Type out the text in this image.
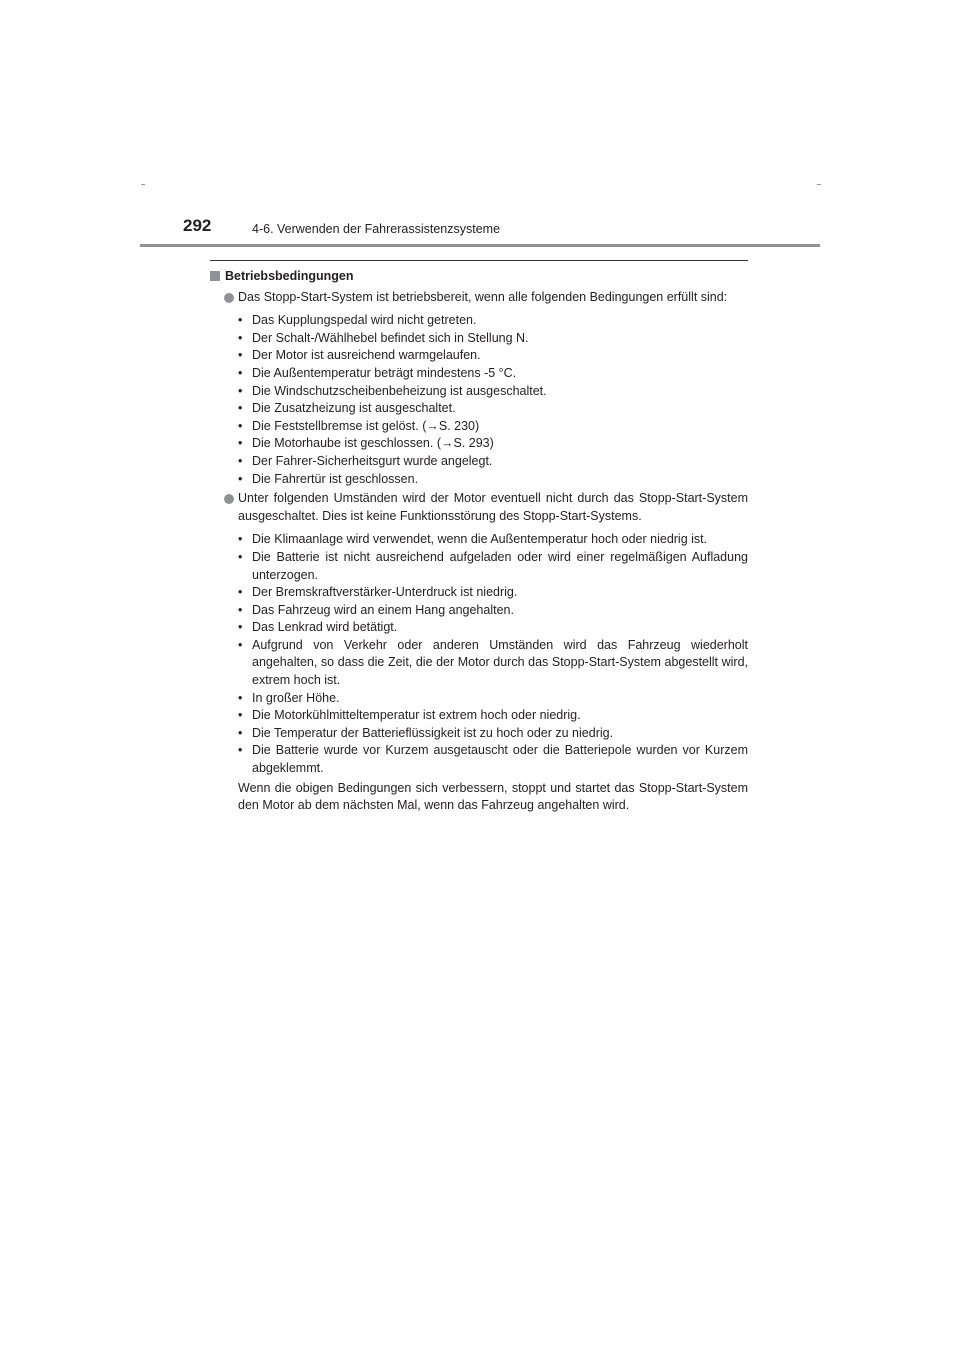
292	4-6. Verwenden der Fahrerassistenzsysteme
Betriebsbedingungen
Das Stopp-Start-System ist betriebsbereit, wenn alle folgenden Bedingungen erfüllt sind:
• Das Kupplungspedal wird nicht getreten.
• Der Schalt-/Wählhebel befindet sich in Stellung N.
• Der Motor ist ausreichend warmgelaufen.
• Die Außentemperatur beträgt mindestens -5 °C.
• Die Windschutzscheibenbeheizung ist ausgeschaltet.
• Die Zusatzheizung ist ausgeschaltet.
• Die Feststellbremse ist gelöst. (→S. 230)
• Die Motorhaube ist geschlossen. (→S. 293)
• Der Fahrer-Sicherheitsgurt wurde angelegt.
• Die Fahrertür ist geschlossen.
Unter folgenden Umständen wird der Motor eventuell nicht durch das Stopp-Start-System ausgeschaltet. Dies ist keine Funktionsstörung des Stopp-Start-Systems.
• Die Klimaanlage wird verwendet, wenn die Außentemperatur hoch oder niedrig ist.
• Die Batterie ist nicht ausreichend aufgeladen oder wird einer regelmäßigen Aufladung unterzogen.
• Der Bremskraftverstärker-Unterdruck ist niedrig.
• Das Fahrzeug wird an einem Hang angehalten.
• Das Lenkrad wird betätigt.
• Aufgrund von Verkehr oder anderen Umständen wird das Fahrzeug wiederholt angehalten, so dass die Zeit, die der Motor durch das Stopp-Start-System abgestellt wird, extrem hoch ist.
• In großer Höhe.
• Die Motorkühlmitteltemperatur ist extrem hoch oder niedrig.
• Die Temperatur der Batterieflüssigkeit ist zu hoch oder zu niedrig.
• Die Batterie wurde vor Kurzem ausgetauscht oder die Batteriepole wurden vor Kurzem abgeklemmt.
Wenn die obigen Bedingungen sich verbessern, stoppt und startet das Stopp-Start-System den Motor ab dem nächsten Mal, wenn das Fahrzeug angehalten wird.
